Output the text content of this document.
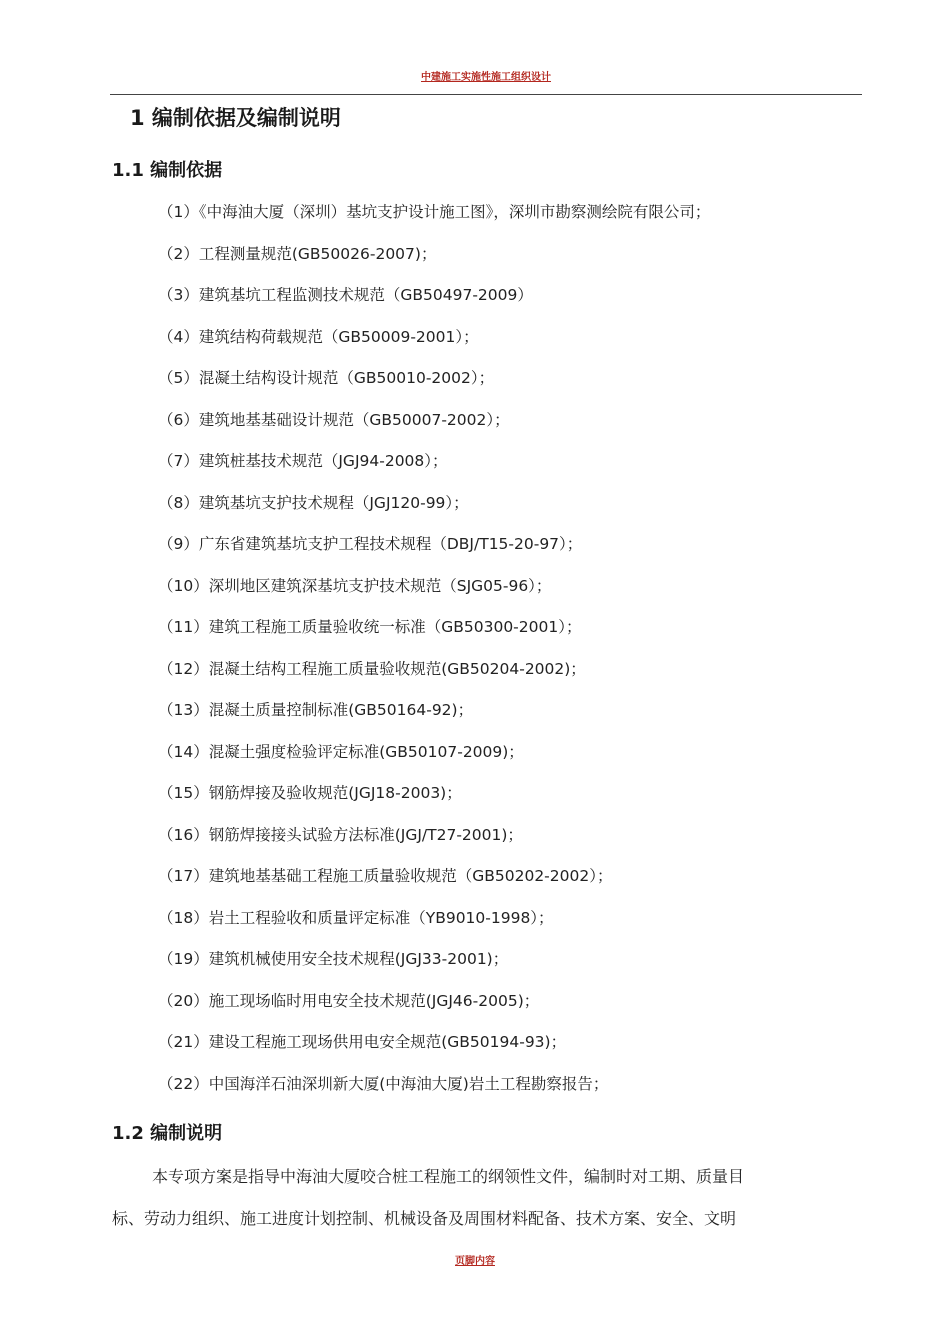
中建施工实施性施工组织设计
1 编制依据及编制说明
1.1 编制依据
（1）《中海油大厦（深圳）基坑支护设计施工图》，深圳市勘察测绘院有限公司；
（2）工程测量规范(GB50026-2007)；
（3）建筑基坑工程监测技术规范（GB50497-2009）
（4）建筑结构荷载规范（GB50009-2001）；
（5）混凝土结构设计规范（GB50010-2002）；
（6）建筑地基基础设计规范（GB50007-2002）；
（7）建筑桩基技术规范（JGJ94-2008）；
（8）建筑基坑支护技术规程（JGJ120-99）；
（9）广东省建筑基坑支护工程技术规程（DBJ/T15-20-97）；
（10）深圳地区建筑深基坑支护技术规范（SJG05-96）；
（11）建筑工程施工质量验收统一标准（GB50300-2001）；
（12）混凝土结构工程施工质量验收规范(GB50204-2002)；
（13）混凝土质量控制标准(GB50164-92)；
（14）混凝土强度检验评定标准(GB50107-2009)；
（15）钢筋焊接及验收规范(JGJ18-2003)；
（16）钢筋焊接接头试验方法标准(JGJ/T27-2001)；
（17）建筑地基基础工程施工质量验收规范（GB50202-2002）；
（18）岩土工程验收和质量评定标准（YB9010-1998）；
（19）建筑机械使用安全技术规程(JGJ33-2001)；
（20）施工现场临时用电安全技术规范(JGJ46-2005)；
（21）建设工程施工现场供用电安全规范(GB50194-93)；
（22）中国海洋石油深圳新大厦(中海油大厦)岩土工程勘察报告；
1.2 编制说明
本专项方案是指导中海油大厦咬合桩工程施工的纲领性文件，编制时对工期、质量目
标、劳动力组织、施工进度计划控制、机械设备及周围材料配备、技术方案、安全、文明
页脚内容
